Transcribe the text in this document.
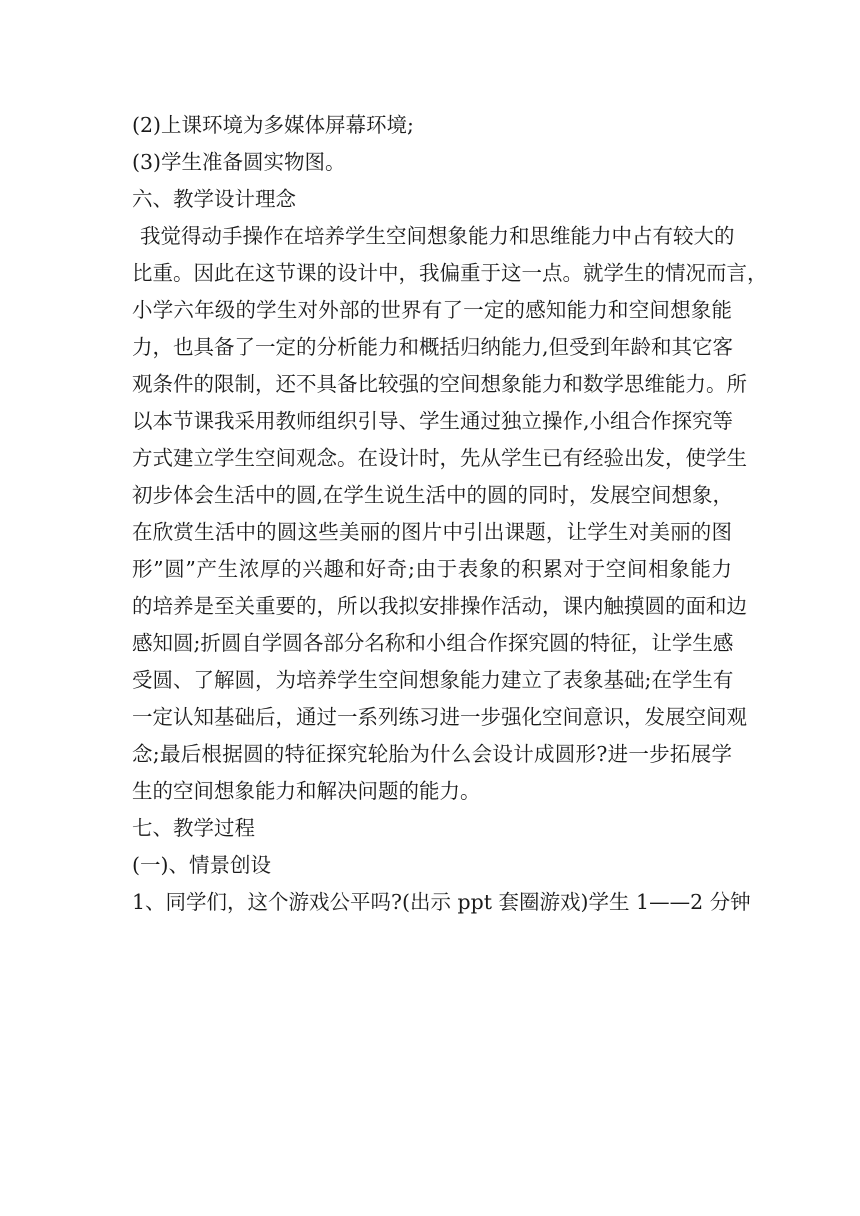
(2)上课环境为多媒体屏幕环境;
(3)学生准备圆实物图。
六、教学设计理念
我觉得动手操作在培养学生空间想象能力和思维能力中占有较大的
比重。因此在这节课的设计中，我偏重于这一点。就学生的情况而言，
小学六年级的学生对外部的世界有了一定的感知能力和空间想象能
力，也具备了一定的分析能力和概括归纳能力,但受到年龄和其它客
观条件的限制，还不具备比较强的空间想象能力和数学思维能力。所
以本节课我采用教师组织引导、学生通过独立操作,小组合作探究等
方式建立学生空间观念。在设计时，先从学生已有经验出发，使学生
初步体会生活中的圆,在学生说生活中的圆的同时，发展空间想象，
在欣赏生活中的圆这些美丽的图片中引出课题，让学生对美丽的图
形”圆”产生浓厚的兴趣和好奇;由于表象的积累对于空间相象能力
的培养是至关重要的，所以我拟安排操作活动，课内触摸圆的面和边
感知圆;折圆自学圆各部分名称和小组合作探究圆的特征，让学生感
受圆、了解圆，为培养学生空间想象能力建立了表象基础;在学生有
一定认知基础后，通过一系列练习进一步强化空间意识，发展空间观
念;最后根据圆的特征探究轮胎为什么会设计成圆形?进一步拓展学
生的空间想象能力和解决问题的能力。
七、教学过程
(一)、情景创设
1、同学们，这个游戏公平吗?(出示 ppt 套圈游戏)学生 1——2 分钟
